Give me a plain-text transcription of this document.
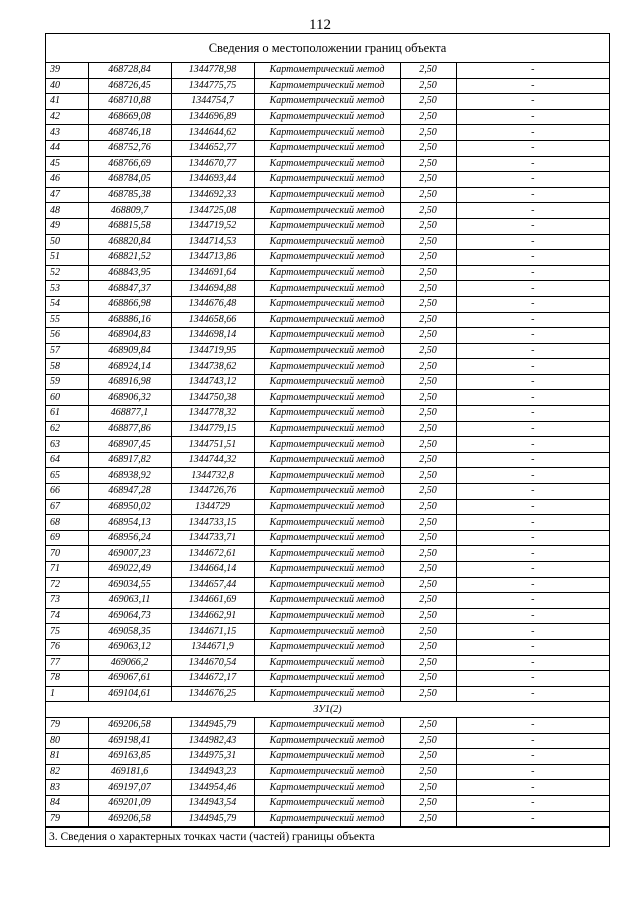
112
Сведения о местоположении границ объекта
39	468728,84	1344778,98	Картометрический метод	2,50	-
40	468726,45	1344775,75	Картометрический метод	2,50	-
41	468710,88	1344754,7	Картометрический метод	2,50	-
42	468669,08	1344696,89	Картометрический метод	2,50	-
43	468746,18	1344644,62	Картометрический метод	2,50	-
44	468752,76	1344652,77	Картометрический метод	2,50	-
45	468766,69	1344670,77	Картометрический метод	2,50	-
46	468784,05	1344693,44	Картометрический метод	2,50	-
47	468785,38	1344692,33	Картометрический метод	2,50	-
48	468809,7	1344725,08	Картометрический метод	2,50	-
49	468815,58	1344719,52	Картометрический метод	2,50	-
50	468820,84	1344714,53	Картометрический метод	2,50	-
51	468821,52	1344713,86	Картометрический метод	2,50	-
52	468843,95	1344691,64	Картометрический метод	2,50	-
53	468847,37	1344694,88	Картометрический метод	2,50	-
54	468866,98	1344676,48	Картометрический метод	2,50	-
55	468886,16	1344658,66	Картометрический метод	2,50	-
56	468904,83	1344698,14	Картометрический метод	2,50	-
57	468909,84	1344719,95	Картометрический метод	2,50	-
58	468924,14	1344738,62	Картометрический метод	2,50	-
59	468916,98	1344743,12	Картометрический метод	2,50	-
60	468906,32	1344750,38	Картометрический метод	2,50	-
61	468877,1	1344778,32	Картометрический метод	2,50	-
62	468877,86	1344779,15	Картометрический метод	2,50	-
63	468907,45	1344751,51	Картометрический метод	2,50	-
64	468917,82	1344744,32	Картометрический метод	2,50	-
65	468938,92	1344732,8	Картометрический метод	2,50	-
66	468947,28	1344726,76	Картометрический метод	2,50	-
67	468950,02	1344729	Картометрический метод	2,50	-
68	468954,13	1344733,15	Картометрический метод	2,50	-
69	468956,24	1344733,71	Картометрический метод	2,50	-
70	469007,23	1344672,61	Картометрический метод	2,50	-
71	469022,49	1344664,14	Картометрический метод	2,50	-
72	469034,55	1344657,44	Картометрический метод	2,50	-
73	469063,11	1344661,69	Картометрический метод	2,50	-
74	469064,73	1344662,91	Картометрический метод	2,50	-
75	469058,35	1344671,15	Картометрический метод	2,50	-
76	469063,12	1344671,9	Картометрический метод	2,50	-
77	469066,2	1344670,54	Картометрический метод	2,50	-
78	469067,61	1344672,17	Картометрический метод	2,50	-
1	469104,61	1344676,25	Картометрический метод	2,50	-
ЗУ1(2)					
79	469206,58	1344945,79	Картометрический метод	2,50	-
80	469198,41	1344982,43	Картометрический метод	2,50	-
81	469163,85	1344975,31	Картометрический метод	2,50	-
82	469181,6	1344943,23	Картометрический метод	2,50	-
83	469197,07	1344954,46	Картометрический метод	2,50	-
84	469201,09	1344943,54	Картометрический метод	2,50	-
79	469206,58	1344945,79	Картометрический метод	2,50	-
3. Сведения о характерных точках части (частей) границы объекта
